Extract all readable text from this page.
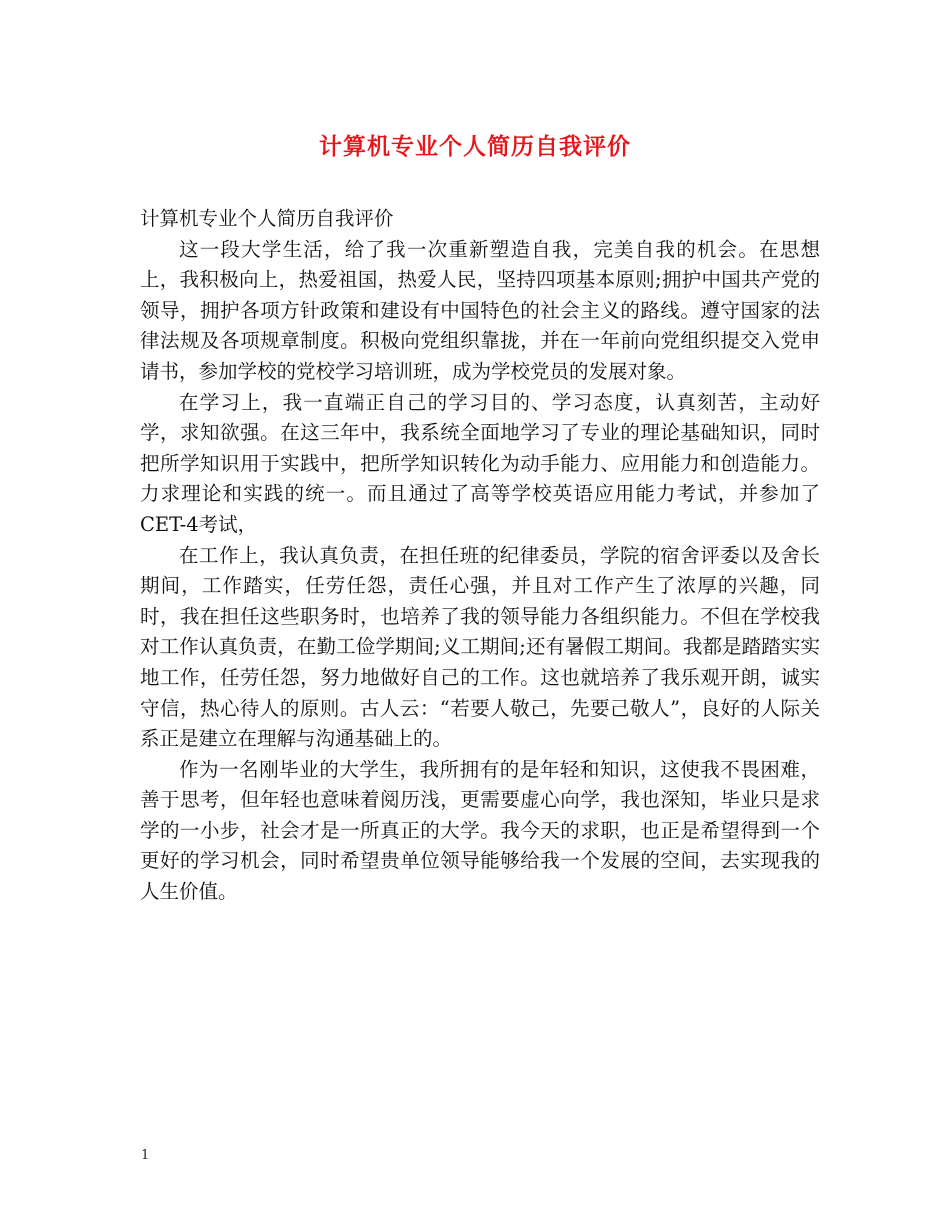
计算机专业个人简历自我评价

计算机专业个人简历自我评价

这一段大学生活，给了我一次重新塑造自我，完美自我的机会。在思想上，我积极向上，热爱祖国，热爱人民，坚持四项基本原则;拥护中国共产党的领导，拥护各项方针政策和建设有中国特色的社会主义的路线。遵守国家的法律法规及各项规章制度。积极向党组织靠拢，并在一年前向党组织提交入党申请书，参加学校的党校学习培训班，成为学校党员的发展对象。

在学习上，我一直端正自己的学习目的、学习态度，认真刻苦，主动好学，求知欲强。在这三年中，我系统全面地学习了专业的理论基础知识，同时把所学知识用于实践中，把所学知识转化为动手能力、应用能力和创造能力。力求理论和实践的统一。而且通过了高等学校英语应用能力考试，并参加了CET-4考试，

在工作上，我认真负责，在担任班的纪律委员，学院的宿舍评委以及舍长期间，工作踏实，任劳任怨，责任心强，并且对工作产生了浓厚的兴趣，同时，我在担任这些职务时，也培养了我的领导能力各组织能力。不但在学校我对工作认真负责，在勤工俭学期间;义工期间;还有暑假工期间。我都是踏踏实实地工作，任劳任怨，努力地做好自己的工作。这也就培养了我乐观开朗，诚实守信，热心待人的原则。古人云：“若要人敬己，先要己敬人”，良好的人际关系正是建立在理解与沟通基础上的。

作为一名刚毕业的大学生，我所拥有的是年轻和知识，这使我不畏困难，善于思考，但年轻也意味着阅历浅，更需要虚心向学，我也深知，毕业只是求学的一小步，社会才是一所真正的大学。我今天的求职，也正是希望得到一个更好的学习机会，同时希望贵单位领导能够给我一个发展的空间，去实现我的人生价值。

1
